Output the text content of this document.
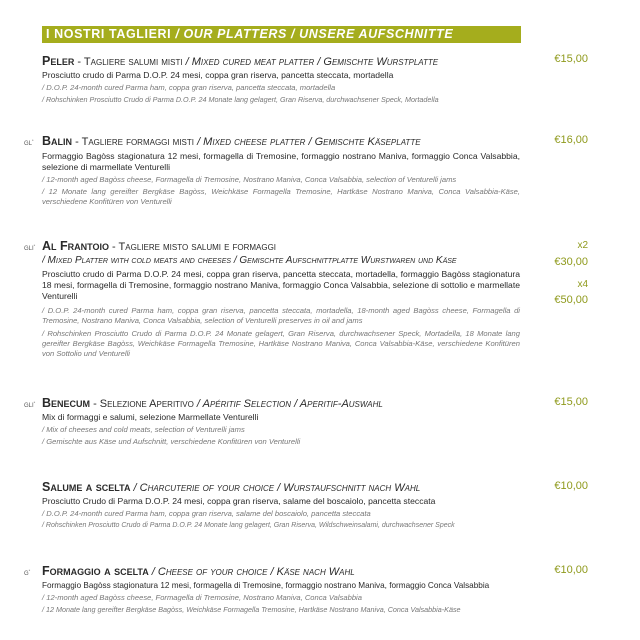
I NOSTRI TAGLIERI / OUR PLATTERS / UNSERE AUFSCHNITTE
Peler - Tagliere salumi misti / Mixed cured meat platter / Gemischte Wurstplatte
Prosciutto crudo di Parma D.O.P. 24 mesi, coppa gran riserva, pancetta steccata, mortadella
/ D.O.P. 24-month cured Parma ham, coppa gran riserva, pancetta steccata, mortadella
/ Rohschinken Prosciutto Crudo di Parma D.O.P. 24 Monate lang gelagert, Gran Riserva, durchwachsener Speck, Mortadella
€15,00
GL* Balin - Tagliere formaggi misti / Mixed cheese platter / Gemischte Käseplatte
Formaggio Bagòss stagionatura 12 mesi, formagella di Tremosine, formaggio nostrano Maniva, formaggio Conca Valsabbia, selezione di marmellate Venturelli
/ 12-month aged Bagòss cheese, Formagella di Tremosine, Nostrano Maniva, Conca Valsabbia, selection of Venturelli jams
/ 12 Monate lang gereifter Bergkäse Bagòss, Weichkäse Formagella Tremosine, Hartkäse Nostrano Maniva, Conca Valsabbia-Käse, verschiedene Konfitüren von Venturelli
€16,00
GLI* Al Frantoio - Tagliere misto salumi e formaggi
/ Mixed Platter with cold meats and cheeses / Gemischte Aufschnittplatte Wurstwaren und Käse
Prosciutto crudo di Parma D.O.P. 24 mesi, coppa gran riserva, pancetta steccata, mortadella, formaggio Bagòss stagionatura 18 mesi, formagella di Tremosine, formaggio nostrano Maniva, formaggio Conca Valsabbia, selezione di sottolio e marmellate Venturelli
/ D.O.P. 24-month cured Parma ham, coppa gran riserva, pancetta steccata, mortadella, 18-month aged Bagòss cheese, Formagella di Tremosine, Nostrano Maniva, Conca Valsabbia, selection of Venturelli preserves in oil and jams
/ Rohschinken Prosciutto Crudo di Parma D.O.P. 24 Monate gelagert, Gran Riserva, durchwachsener Speck, Mortadella, 18 Monate lang gereifter Bergkäse Bagòss, Weichkäse Formagella Tremosine, Hartkäse Nostrano Maniva, Conca Valsabbia-Käse, verschiedene Konfitüren von Sottolio und Venturelli
x2
€30,00
x4
€50,00
GLI* Benecum - Selezione Aperitivo / Apéritif Selection / Aperitif-Auswahl
Mix di formaggi e salumi, selezione Marmellate Venturelli
/ Mix of cheeses and cold meats, selection of Venturelli jams
/ Gemischte aus Käse und Aufschnitt, verschiedene Konfitüren von Venturelli
€15,00
Salume a scelta / Charcuterie of your choice / Wurstaufschnitt nach Wahl
Prosciutto Crudo di Parma D.O.P. 24 mesi, coppa gran riserva, salame del boscaiolo, pancetta steccata
/ D.O.P. 24-month cured Parma ham, coppa gran riserva, salame del boscaiolo, pancetta steccata
/ Rohschinken Prosciutto Crudo di Parma D.O.P. 24 Monate lang gelagert, Gran Riserva, Wildschweinsalami, durchwachsener Speck
€10,00
G* Formaggio a scelta / Cheese of your choice / Käse nach Wahl
Formaggio Bagòss stagionatura 12 mesi, formagella di Tremosine, formaggio nostrano Maniva, formaggio Conca Valsabbia
/ 12-month aged Bagòss cheese, Formagella di Tremosine, Nostrano Maniva, Conca Valsabbia
/ 12 Monate lang gereifter Bergkäse Bagòss, Weichkäse Formagella Tremosine, Hartkäse Nostrano Maniva, Conca Valsabbia-Käse
€10,00
